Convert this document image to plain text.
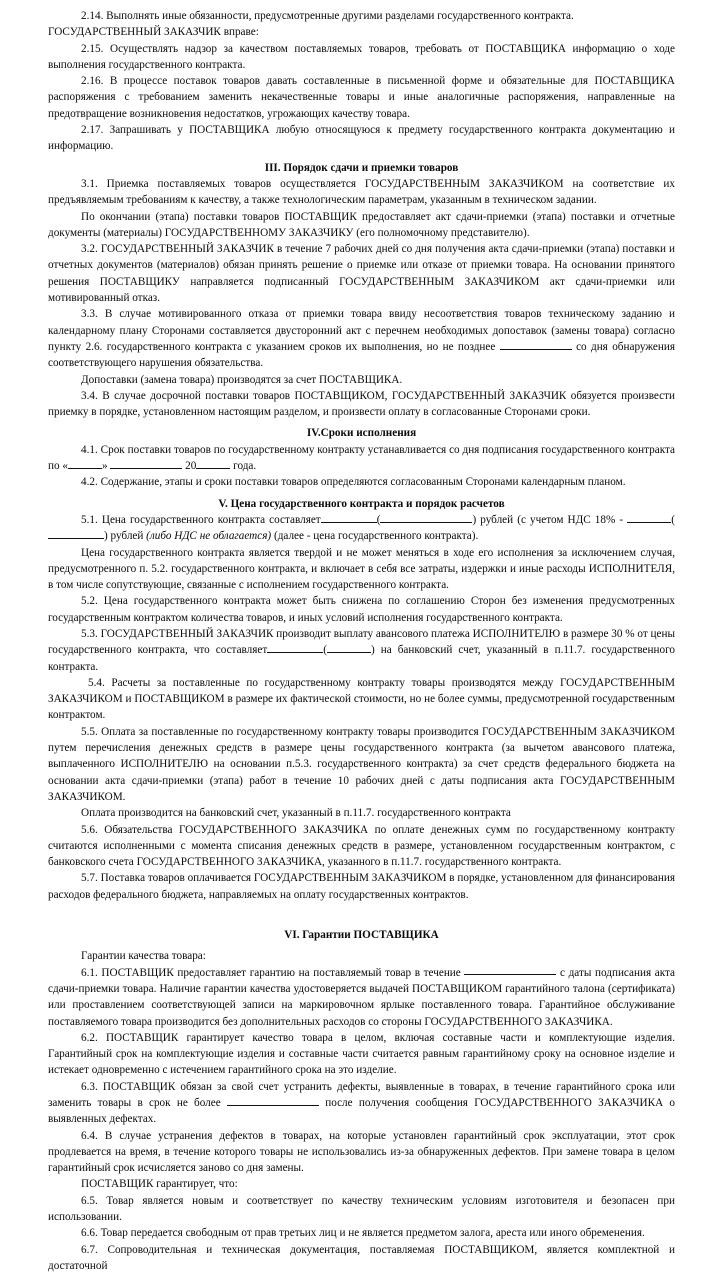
2.14. Выполнять иные обязанности, предусмотренные другими разделами государственного контракта.

ГОСУДАРСТВЕННЫЙ ЗАКАЗЧИК вправе:

2.15. Осуществлять надзор за качеством поставляемых товаров, требовать от ПОСТАВЩИКА информацию о ходе выполнения государственного контракта.

2.16. В процессе поставок товаров давать составленные в письменной форме и обязательные для ПОСТАВЩИКА распоряжения с требованием заменить некачественные товары и иные аналогичные распоряжения, направленные на предотвращение возникновения недостатков, угрожающих качеству товара.

2.17. Запрашивать у ПОСТАВЩИКА любую относящуюся к предмету государственного контракта документацию и информацию.

III. Порядок сдачи и приемки товаров

3.1. Приемка поставляемых товаров осуществляется ГОСУДАРСТВЕННЫМ ЗАКАЗЧИКОМ на соответствие их предъявляемым требованиям к качеству, а также технологическим параметрам, указанным в техническом задании.

По окончании (этапа) поставки товаров ПОСТАВЩИК предоставляет акт сдачи-приемки (этапа) поставки и отчетные документы (материалы) ГОСУДАРСТВЕННОМУ ЗАКАЗЧИКУ (его полномочному представителю).

3.2. ГОСУДАРСТВЕННЫЙ ЗАКАЗЧИК в течение 7 рабочих дней со дня получения акта сдачи-приемки (этапа) поставки и отчетных документов (материалов) обязан принять решение о приемке или отказе от приемки товара. На основании принятого решения ПОСТАВЩИКУ направляется подписанный ГОСУДАРСТВЕННЫМ ЗАКАЗЧИКОМ акт сдачи-приемки или мотивированный отказ.

3.3. В случае мотивированного отказа от приемки товара ввиду несоответствия товаров техническому заданию и календарному плану Сторонами составляется двусторонний акт с перечнем необходимых допоставок (замены товара) согласно пункту 2.6. государственного контракта с указанием сроков их выполнения, но не позднее	со дня обнаружения соответствующего нарушения обязательства.

Допоставки (замена товара) производятся за счет ПОСТАВЩИКА.

3.4. В случае досрочной поставки товаров ПОСТАВЩИКОМ, ГОСУДАРСТВЕННЫЙ ЗАКАЗЧИК обязуется произвести приемку в порядке, установленном настоящим разделом, и произвести оплату в согласованные Сторонами сроки.

IV.Сроки исполнения

4.1. Срок поставки товаров по государственному контракту устанавливается со дня подписания государственного контракта по «	»	20	года.

4.2. Содержание, этапы и сроки поставки товаров определяются согласованным Сторонами календарным планом.

V. Цена государственного контракта и порядок расчетов

5.1. Цена государственного контракта составляет	(	) рублей (с учетом НДС 18% -	( ) рублей (либо НДС не облагается) (далее - цена государственного контракта).

Цена государственного контракта является твердой и не может меняться в ходе его исполнения за исключением случая, предусмотренного п. 5.2. государственного контракта, и включает в себя все затраты, издержки и иные расходы ИСПОЛНИТЕЛЯ, в том числе сопутствующие, связанные с исполнением государственного контракта.

5.2. Цена государственного контракта может быть снижена по соглашению Сторон без изменения предусмотренных государственным контрактом количества товаров, и иных условий исполнения государственного контракта.

5.3. ГОСУДАРСТВЕННЫЙ ЗАКАЗЧИК производит выплату авансового платежа ИСПОЛНИТЕЛЮ в размере 30 % от цены государственного контракта, что составляет	(	) на банковский счет, указанный в п.11.7. государственного контракта.

5.4. Расчеты за поставленные по государственному контракту товары производятся между ГОСУДАРСТВЕННЫМ ЗАКАЗЧИКОМ и ПОСТАВЩИКОМ в размере их фактической стоимости, но не более суммы, предусмотренной государственным контрактом.

5.5. Оплата за поставленные по государственному контракту товары производится ГОСУДАРСТВЕННЫМ ЗАКАЗЧИКОМ путем перечисления денежных средств в размере цены государственного контракта (за вычетом авансового платежа, выплаченного ИСПОЛНИТЕЛЮ на основании п.5.3. государственного контракта) за счет средств федерального бюджета на основании акта сдачи-приемки (этапа) работ в течение 10 рабочих дней с даты подписания акта ГОСУДАРСТВЕННЫМ ЗАКАЗЧИКОМ.

Оплата производится на банковский счет, указанный в п.11.7. государственного контракта

5.6. Обязательства ГОСУДАРСТВЕННОГО ЗАКАЗЧИКА по оплате денежных сумм по государственному контракту считаются исполненными с момента списания денежных средств в размере, установленном государственным контрактом, с банковского счета ГОСУДАРСТВЕННОГО ЗАКАЗЧИКА, указанного в п.11.7. государственного контракта.

5.7. Поставка товаров оплачивается ГОСУДАРСТВЕННЫМ ЗАКАЗЧИКОМ в порядке, установленном для финансирования расходов федерального бюджета, направляемых на оплату государственных контрактов.

VI. Гарантии ПОСТАВЩИКА

Гарантии качества товара:

6.1. ПОСТАВЩИК предоставляет гарантию на поставляемый товар в течение	с даты подписания акта сдачи-приемки товара. Наличие гарантии качества удостоверяется выдачей ПОСТАВЩИКОМ гарантийного талона (сертификата) или проставлением соответствующей записи на маркировочном ярлыке поставленного товара. Гарантийное обслуживание поставляемого товара производится без дополнительных расходов со стороны ГОСУДАРСТВЕННОГО ЗАКАЗЧИКА.

6.2. ПОСТАВЩИК гарантирует качество товара в целом, включая составные части и комплектующие изделия. Гарантийный срок на комплектующие изделия и составные части считается равным гарантийному сроку на основное изделие и истекает одновременно с истечением гарантийного срока на это изделие.

6.3. ПОСТАВЩИК обязан за свой счет устранить дефекты, выявленные в товарах, в течение гарантийного срока или заменить товары в срок не более	после получения сообщения ГОСУДАРСТВЕННОГО ЗАКАЗЧИКА о выявленных дефектах.

6.4. В случае устранения дефектов в товарах, на которые установлен гарантийный срок эксплуатации, этот срок продлевается на время, в течение которого товары не использовались из-за обнаруженных дефектов. При замене товара в целом гарантийный срок исчисляется заново со дня замены.

ПОСТАВЩИК гарантирует, что:

6.5. Товар является новым и соответствует по качеству техническим условиям изготовителя и безопасен при использовании.

6.6. Товар передается свободным от прав третьих лиц и не является предметом залога, ареста или иного обременения.

6.7. Сопроводительная и техническая документация, поставляемая ПОСТАВЩИКОМ, является комплектной и достаточной
